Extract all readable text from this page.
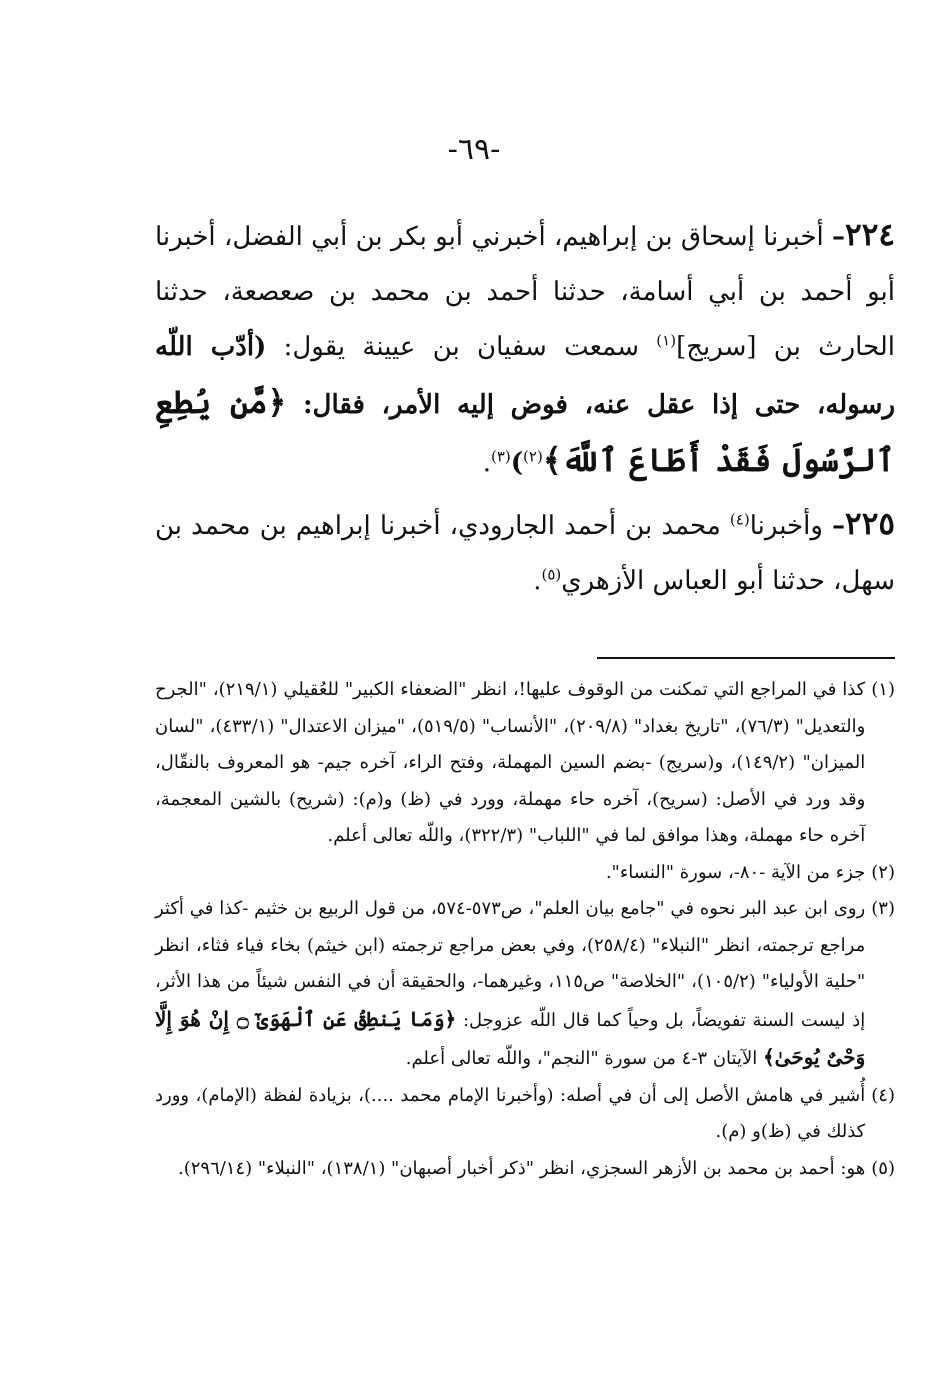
-٦٩-

٢٢٤– أخبرنا إسحاق بن إبراهيم، أخبرني أبو بكر بن أبي الفضل، أخبرنا أبو أحمد بن أبي أسامة، حدثنا أحمد بن محمد بن صعصعة، حدثنا الحارث بن [سريج]$^{(١)}$ سمعت سفيان بن عيينة يقول: (أدّب اللّه رسوله، حتى إذا عقل عنه، فوض إليه الأمر، فقال: ﴿مَّن يُطِعِ ٱلرَّسُولَ فَقَدْ أَطَاعَ ٱللَّهَ﴾$^{(٢)}$)$^{(٣)}$.

٢٢٥– وأخبرنا$^{(٤)}$ محمد بن أحمد الجارودي، أخبرنا إبراهيم بن محمد بن سهل، حدثنا أبو العباس الأزهري$^{(٥)}$.

(١)
كذا في المراجع التي تمكنت من الوقوف عليها!، انظر "الضعفاء الكبير" للعُقيلي (٢١٩/١)، "الجرح والتعديل" (٧٦/٣)، "تاريخ بغداد" (٢٠٩/٨)، "الأنساب" (٥١٩/٥)، "ميزان الاعتدال" (٤٣٣/١)، "لسان الميزان" (١٤٩/٢)، و(سريج) -بضم السين المهملة، وفتح الراء، آخره جيم- هو المعروف بالنقّال، وقد ورد في الأصل: (سريح)، آخره حاء مهملة، وورد في (ظ) و(م): (شريح) بالشين المعجمة، آخره حاء مهملة، وهذا موافق لما في "اللباب" (٣٢٢/٣)، واللّه تعالى أعلم.
(٢)
جزء من الآية -٨٠-، سورة "النساء".
(٣)
روى ابن عبد البر نحوه في "جامع بيان العلم"، ص٥٧٣-٥٧٤، من قول الربيع بن خثيم -كذا في أكثر مراجع ترجمته، انظر "النبلاء" (٢٥٨/٤)، وفي بعض مراجع ترجمته (ابن خيثم) بخاء فياء فثاء، انظر "حلية الأولياء" (١٠٥/٢)، "الخلاصة" ص١١٥، وغيرهما-، والحقيقة أن في النفس شيئاً من هذا الأثر، إذ ليست السنة تفويضاً، بل وحياً كما قال اللّه عزوجل: ﴿وَمَا يَنطِقُ عَنِ ٱلْهَوَىٰٓ ۝ إِنْ هُوَ إِلَّا وَحْىٌ يُوحَىٰ﴾ الآيتان ٣-٤ من سورة "النجم"، واللّه تعالى أعلم.
(٤)
أُشير في هامش الأصل إلى أن في أصله: (وأخبرنا الإمام محمد ....)، بزيادة لفظة (الإمام)، وورد كذلك في (ظ)و (م).
(٥)
هو: أحمد بن محمد بن الأزهر السجزي، انظر "ذكر أخبار أصبهان" (١٣٨/١)، "النبلاء" (٢٩٦/١٤).
